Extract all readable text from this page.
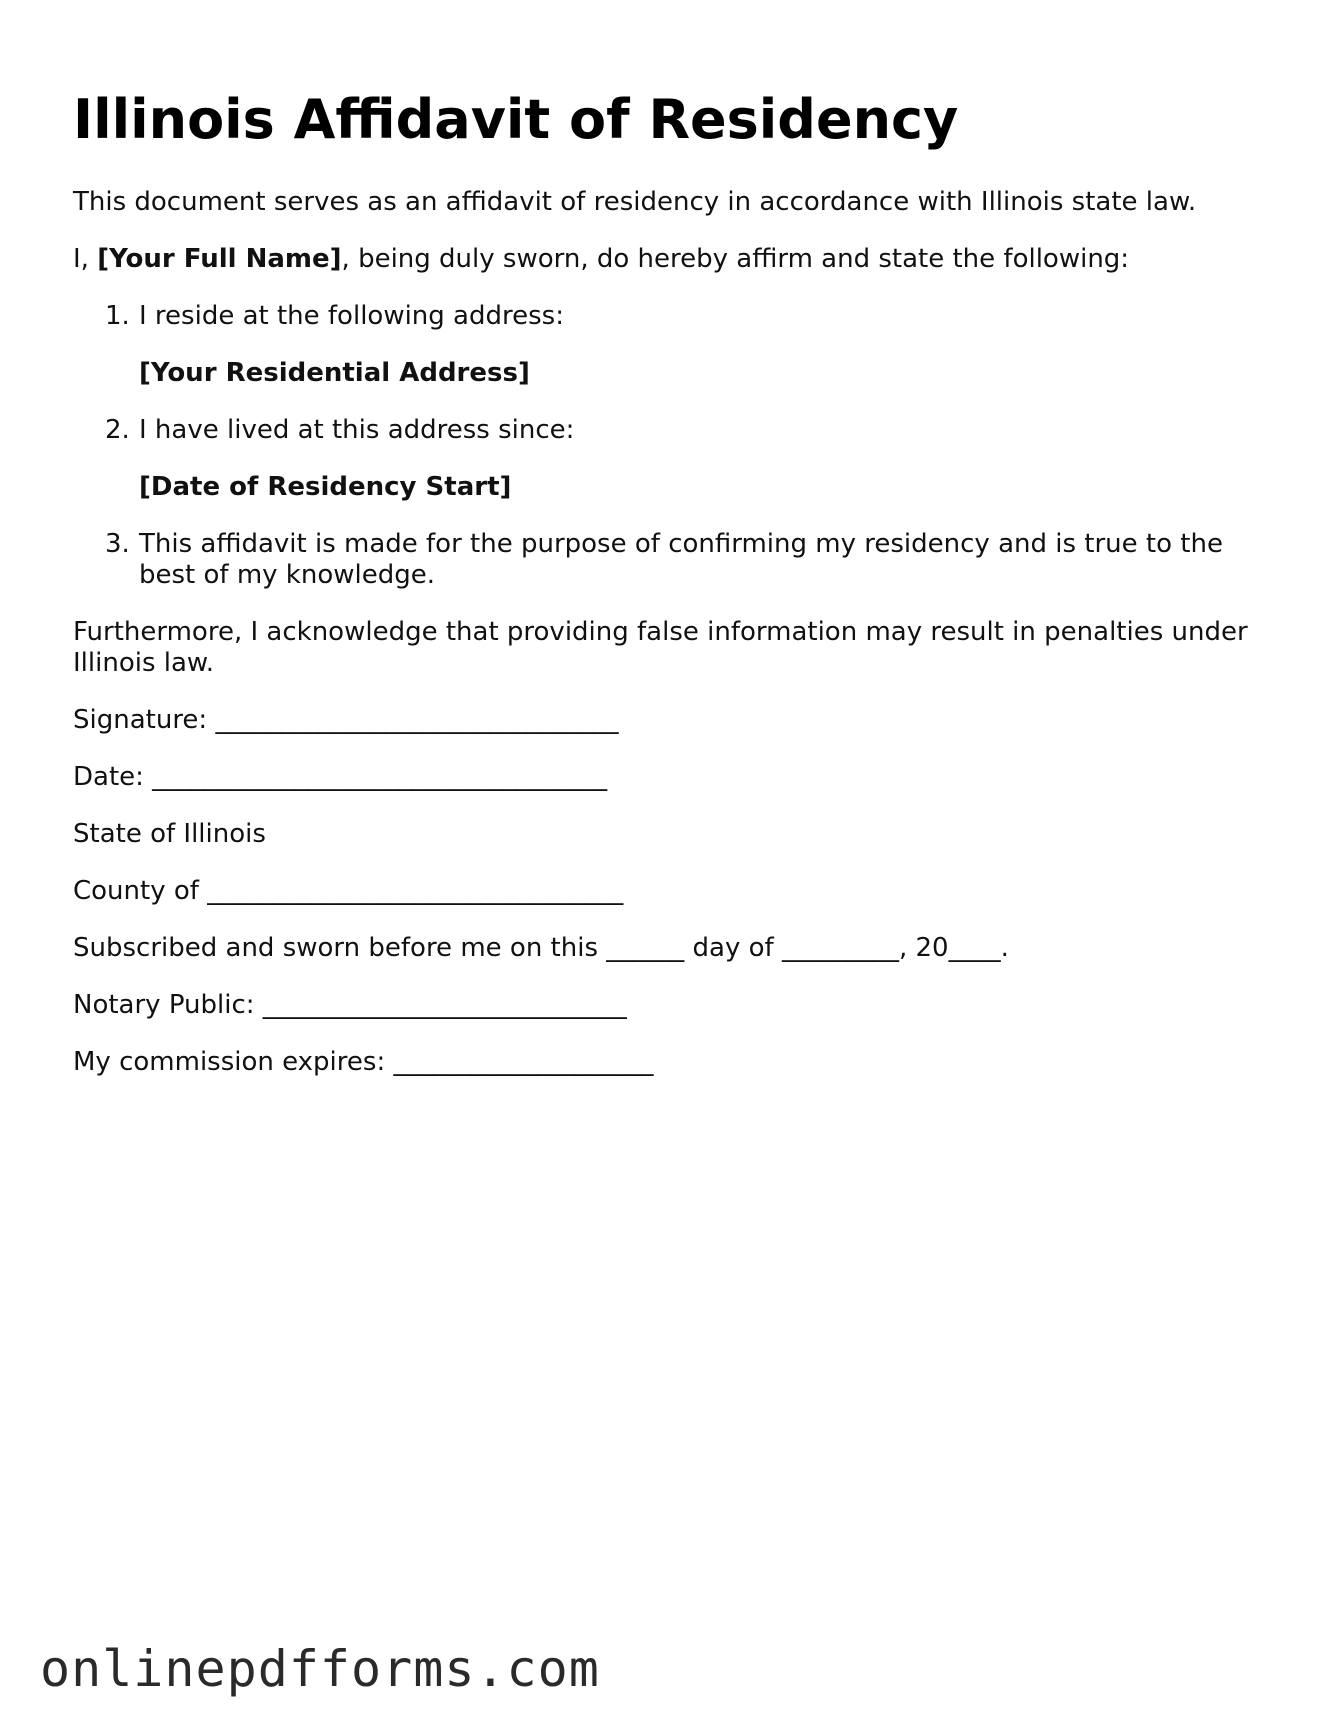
Illinois Affidavit of Residency

This document serves as an affidavit of residency in accordance with Illinois state law.

I, [Your Full Name], being duly sworn, do hereby affirm and state the following:

1. I reside at the following address:
[Your Residential Address]
2. I have lived at this address since:
[Date of Residency Start]
3. This affidavit is made for the purpose of confirming my residency and is true to the best of my knowledge.

Furthermore, I acknowledge that providing false information may result in penalties under Illinois law.

Signature: _______________________________

Date: ___________________________________

State of Illinois

County of ________________________________

Subscribed and sworn before me on this ______ day of _________, 20____.

Notary Public: ____________________________

My commission expires: ____________________

onlinepdfforms.com
